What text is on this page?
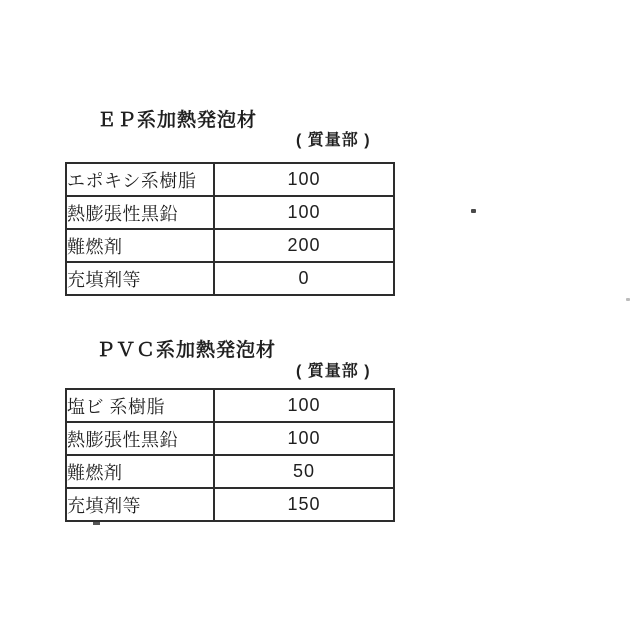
ＥＰ系加熱発泡材
( 質量部 )
エポキシ系樹脂	100
熱膨張性黒鉛	100
難燃剤	200
充填剤等	0
ＰＶＣ系加熱発泡材
( 質量部 )
塩ビ 系樹脂	100
熱膨張性黒鉛	100
難燃剤	50
充填剤等	150
